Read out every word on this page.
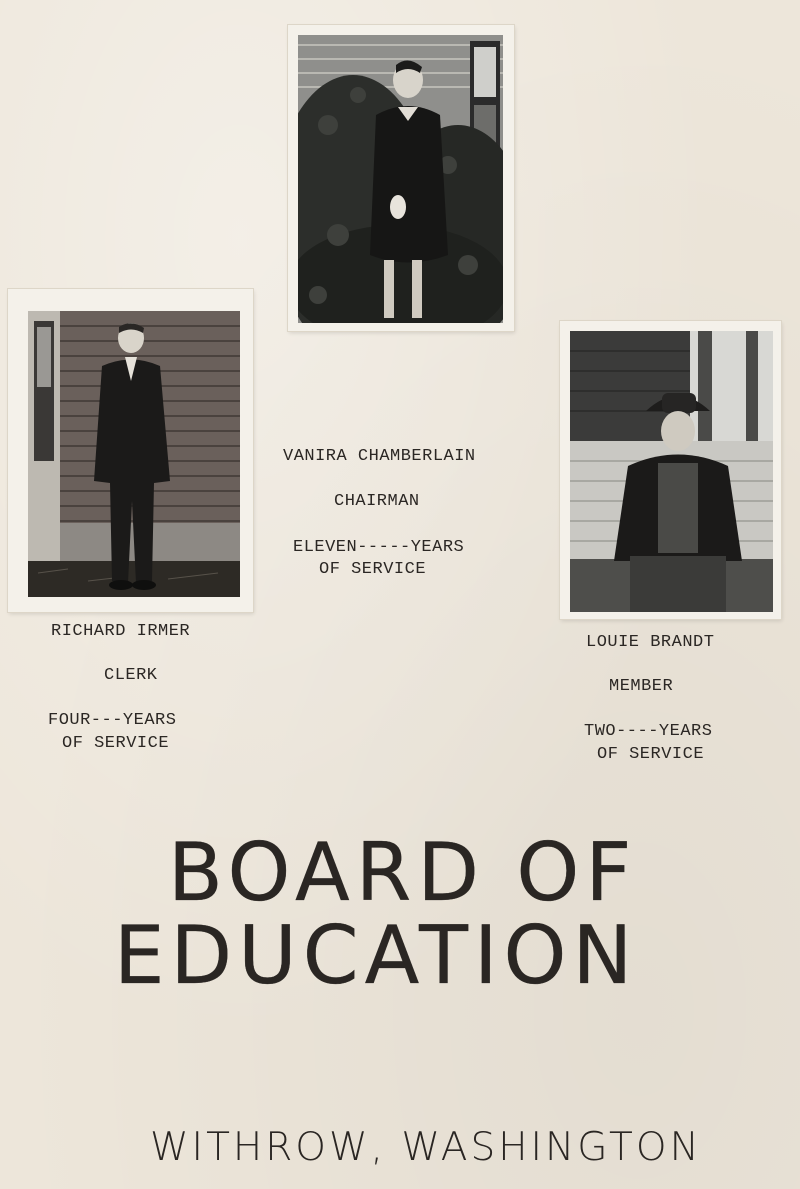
VANIRA CHAMBERLAIN
CHAIRMAN
ELEVEN-----YEARS
OF SERVICE
RICHARD IRMER
CLERK
FOUR---YEARS
OF SERVICE
LOUIE BRANDT
MEMBER
TWO----YEARS
OF SERVICE
BOARD OF
EDUCATION
WITHROW, WASHINGTON
